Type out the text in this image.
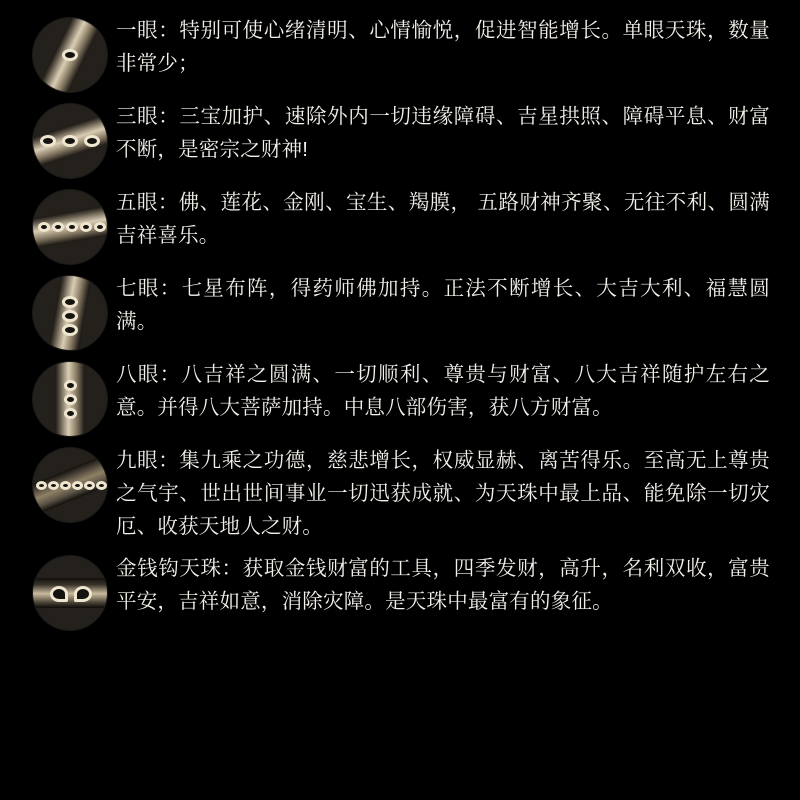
一眼：特别可使心绪清明、心情愉悦，促进智能增长。单眼天珠，数量非常少；

三眼：三宝加护、速除外内一切违缘障碍、吉星拱照、障碍平息、财富不断，是密宗之财神!

五眼：佛、莲花、金刚、宝生、羯膜， 五路财神齐聚、无往不利、圆满吉祥喜乐。

七眼：七星布阵，得药师佛加持。正法不断增长、大吉大利、福慧圆满。

八眼：八吉祥之圆满、一切顺利、尊贵与财富、八大吉祥随护左右之意。并得八大菩萨加持。中息八部伤害，获八方财富。

九眼：集九乘之功德，慈悲增长，权威显赫、离苦得乐。至高无上尊贵之气宇、世出世间事业一切迅获成就、为天珠中最上品、能免除一切灾厄、收获天地人之财。

金钱钩天珠：获取金钱财富的工具，四季发财，高升，名利双收，富贵平安，吉祥如意，消除灾障。是天珠中最富有的象征。
